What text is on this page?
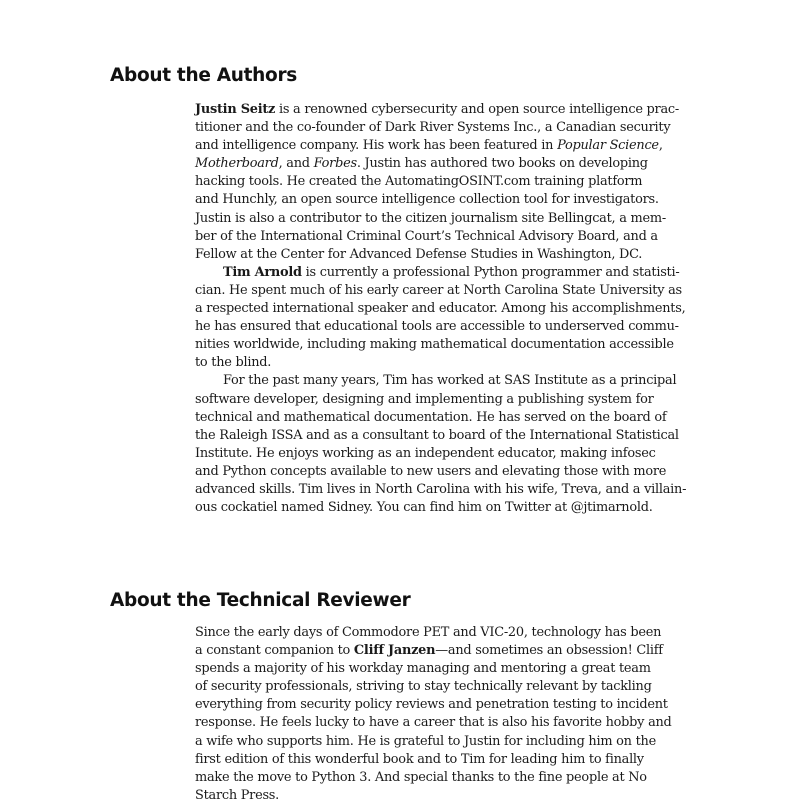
About the Authors
Justin Seitz is a renowned cybersecurity and open source intelligence prac-
titioner and the co-founder of Dark River Systems Inc., a Canadian security
and intelligence company. His work has been featured in Popular Science,
Motherboard, and Forbes. Justin has authored two books on developing
hacking tools. He created the AutomatingOSINT.com training platform
and Hunchly, an open source intelligence collection tool for investigators.
Justin is also a contributor to the citizen journalism site Bellingcat, a mem-
ber of the International Criminal Court’s Technical Advisory Board, and a
Fellow at the Center for Advanced Defense Studies in Washington, DC.
Tim Arnold is currently a professional Python programmer and statisti-
cian. He spent much of his early career at North Carolina State University as
a respected international speaker and educator. Among his accomplishments,
he has ensured that educational tools are accessible to underserved commu-
nities worldwide, including making mathematical documentation accessible
to the blind.
For the past many years, Tim has worked at SAS Institute as a principal
software developer, designing and implementing a publishing system for
technical and mathematical documentation. He has served on the board of
the Raleigh ISSA and as a consultant to board of the International Statistical
Institute. He enjoys working as an independent educator, making infosec
and Python concepts available to new users and elevating those with more
advanced skills. Tim lives in North Carolina with his wife, Treva, and a villain-
ous cockatiel named Sidney. You can find him on Twitter at @jtimarnold.
About the Technical Reviewer
Since the early days of Commodore PET and VIC-20, technology has been
a constant companion to Cliff Janzen—and sometimes an obsession! Cliff
spends a majority of his workday managing and mentoring a great team
of security professionals, striving to stay technically relevant by tackling
everything from security policy reviews and penetration testing to incident
response. He feels lucky to have a career that is also his favorite hobby and
a wife who supports him. He is grateful to Justin for including him on the
first edition of this wonderful book and to Tim for leading him to finally
make the move to Python 3. And special thanks to the fine people at No
Starch Press.
